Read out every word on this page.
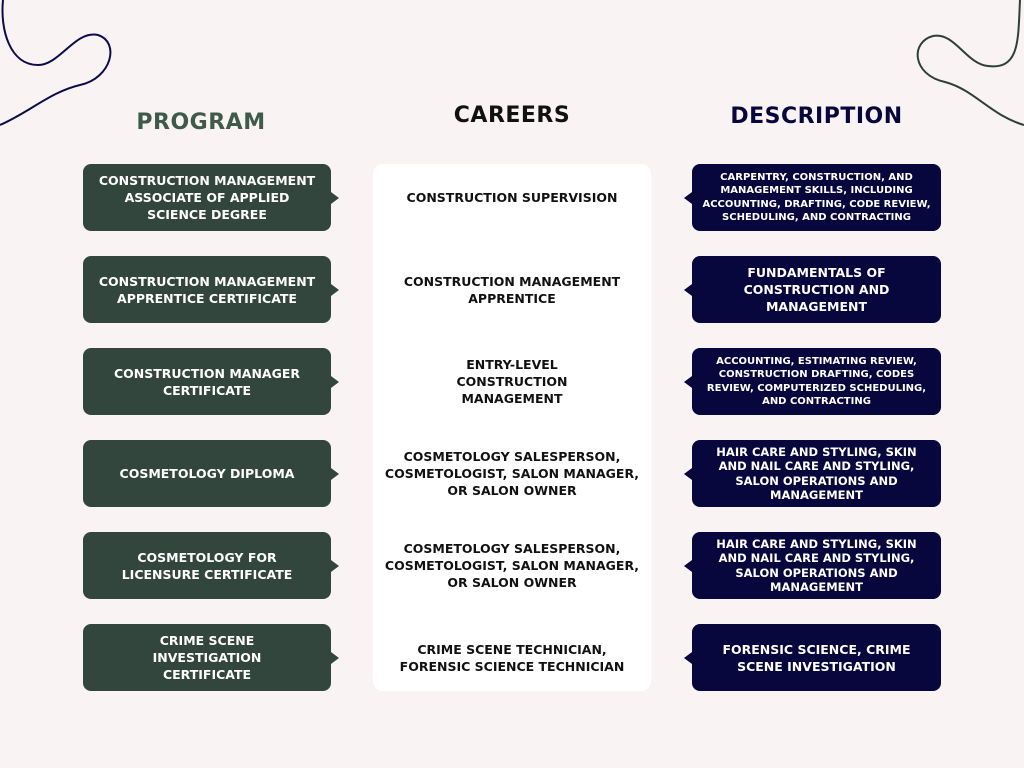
PROGRAM	CAREERS	DESCRIPTION
CONSTRUCTION MANAGEMENT ASSOCIATE OF APPLIED SCIENCE DEGREE
CONSTRUCTION SUPERVISION
CARPENTRY, CONSTRUCTION, AND MANAGEMENT SKILLS, INCLUDING ACCOUNTING, DRAFTING, CODE REVIEW, SCHEDULING, AND CONTRACTING
CONSTRUCTION MANAGEMENT APPRENTICE CERTIFICATE
CONSTRUCTION MANAGEMENT APPRENTICE
FUNDAMENTALS OF CONSTRUCTION AND MANAGEMENT
CONSTRUCTION MANAGER CERTIFICATE
ENTRY-LEVEL CONSTRUCTION MANAGEMENT
ACCOUNTING, ESTIMATING REVIEW, CONSTRUCTION DRAFTING, CODES REVIEW, COMPUTERIZED SCHEDULING, AND CONTRACTING
COSMETOLOGY DIPLOMA
COSMETOLOGY SALESPERSON, COSMETOLOGIST, SALON MANAGER, OR SALON OWNER
HAIR CARE AND STYLING, SKIN AND NAIL CARE AND STYLING, SALON OPERATIONS AND MANAGEMENT
COSMETOLOGY FOR LICENSURE CERTIFICATE
COSMETOLOGY SALESPERSON, COSMETOLOGIST, SALON MANAGER, OR SALON OWNER
HAIR CARE AND STYLING, SKIN AND NAIL CARE AND STYLING, SALON OPERATIONS AND MANAGEMENT
CRIME SCENE INVESTIGATION CERTIFICATE
CRIME SCENE TECHNICIAN, FORENSIC SCIENCE TECHNICIAN
FORENSIC SCIENCE, CRIME SCENE INVESTIGATION
